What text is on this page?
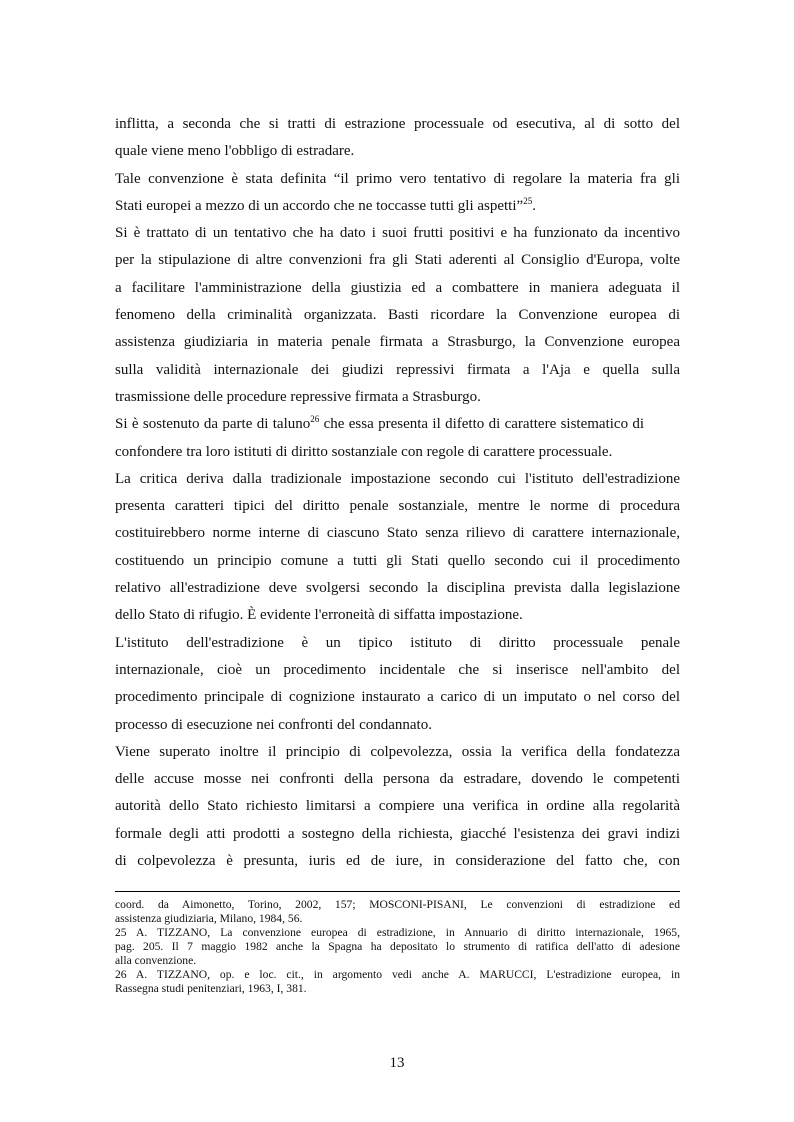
inflitta, a seconda che si tratti di estrazione processuale od esecutiva, al di sotto del
quale viene meno l'obbligo di estradare.
Tale convenzione è stata definita “il primo vero tentativo di regolare la materia fra gli
Stati europei a mezzo di un accordo che ne toccasse tutti gli aspetti”$^{25}$.
Si è trattato di un tentativo che ha dato i suoi frutti positivi e ha funzionato da incentivo
per la stipulazione di altre convenzioni fra gli Stati aderenti al Consiglio d'Europa, volte
a facilitare l'amministrazione della giustizia ed a combattere in maniera adeguata il
fenomeno della criminalità organizzata. Basti ricordare la Convenzione europea di
assistenza giudiziaria in materia penale firmata a Strasburgo, la Convenzione europea
sulla validità internazionale dei giudizi repressivi firmata a l'Aja e quella sulla
trasmissione delle procedure repressive firmata a Strasburgo.
Si è sostenuto da parte di taluno$^{26}$ che essa presenta il difetto di carattere sistematico di
confondere tra loro istituti di diritto sostanziale con regole di carattere processuale.
La critica deriva dalla tradizionale impostazione secondo cui l'istituto dell'estradizione
presenta caratteri tipici del diritto penale sostanziale, mentre le norme di procedura
costituirebbero norme interne di ciascuno Stato senza rilievo di carattere internazionale,
costituendo un principio comune a tutti gli Stati quello secondo cui il procedimento
relativo all'estradizione deve svolgersi secondo la disciplina prevista dalla legislazione
dello Stato di rifugio. È evidente l'erroneità di siffatta impostazione.
L'istituto dell'estradizione è un tipico istituto di diritto processuale penale
internazionale, cioè un procedimento incidentale che si inserisce nell'ambito del
procedimento principale di cognizione instaurato a carico di un imputato o nel corso del
processo di esecuzione nei confronti del condannato.
Viene superato inoltre il principio di colpevolezza, ossia la verifica della fondatezza
delle accuse mosse nei confronti della persona da estradare, dovendo le competenti
autorità dello Stato richiesto limitarsi a compiere una verifica in ordine alla regolarità
formale degli atti prodotti a sostegno della richiesta, giacché l'esistenza dei gravi indizi
di colpevolezza è presunta, iuris ed de iure, in considerazione del fatto che, con
coord. da Aimonetto, Torino, 2002, 157; MOSCONI-PISANI, Le convenzioni di estradizione ed
assistenza giudiziaria, Milano, 1984, 56.
25 A. TIZZANO, La convenzione europea di estradizione, in Annuario di diritto internazionale, 1965,
pag. 205. Il 7 maggio 1982 anche la Spagna ha depositato lo strumento di ratifica dell'atto di adesione
alla convenzione.
26 A. TIZZANO, op. e loc. cit., in argomento vedi anche A. MARUCCI, L'estradizione europea, in
Rassegna studi penitenziari, 1963, I, 381.
13
